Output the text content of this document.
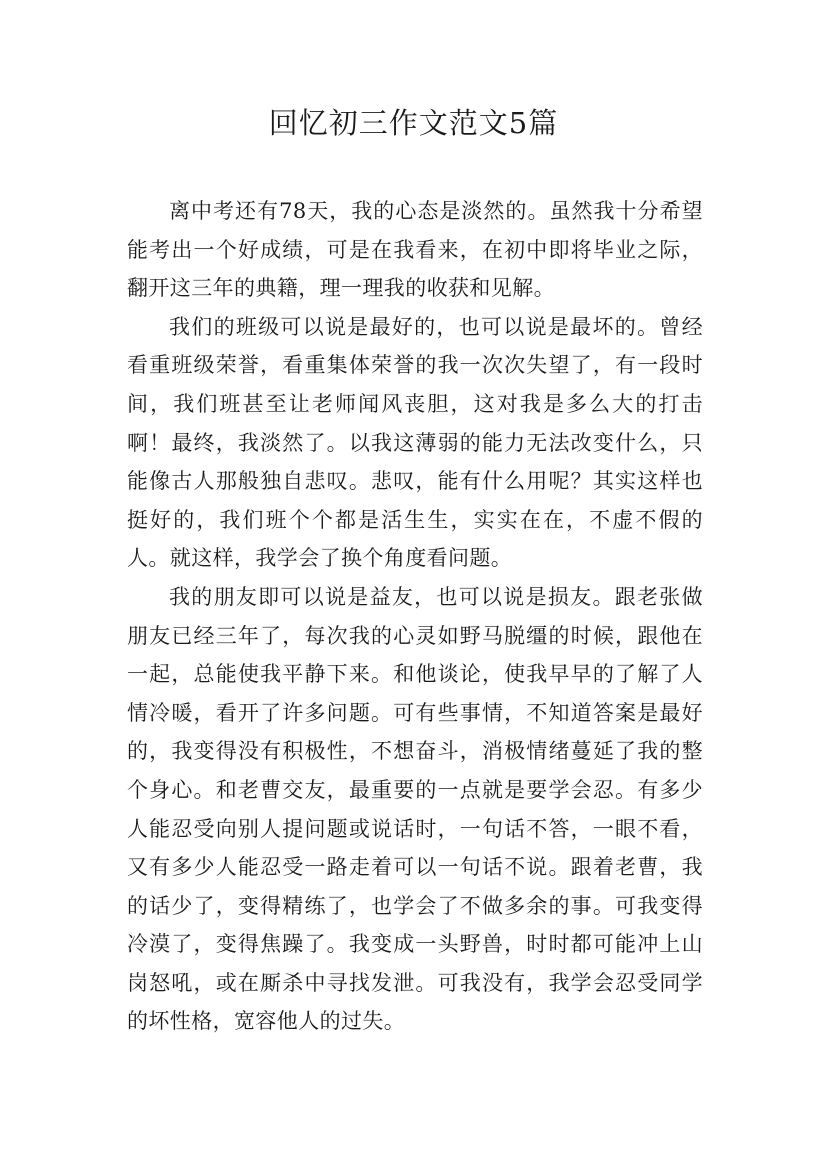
回忆初三作文范文5篇

离中考还有78天，我的心态是淡然的。虽然我十分希望能考出一个好成绩，可是在我看来，在初中即将毕业之际，翻开这三年的典籍，理一理我的收获和见解。

我们的班级可以说是最好的，也可以说是最坏的。曾经看重班级荣誉，看重集体荣誉的我一次次失望了，有一段时间，我们班甚至让老师闻风丧胆，这对我是多么大的打击啊！最终，我淡然了。以我这薄弱的能力无法改变什么，只能像古人那般独自悲叹。悲叹，能有什么用呢？其实这样也挺好的，我们班个个都是活生生，实实在在，不虚不假的人。就这样，我学会了换个角度看问题。

我的朋友即可以说是益友，也可以说是损友。跟老张做朋友已经三年了，每次我的心灵如野马脱缰的时候，跟他在一起，总能使我平静下来。和他谈论，使我早早的了解了人情冷暖，看开了许多问题。可有些事情，不知道答案是最好的，我变得没有积极性，不想奋斗，消极情绪蔓延了我的整个身心。和老曹交友，最重要的一点就是要学会忍。有多少人能忍受向别人提问题或说话时，一句话不答，一眼不看，又有多少人能忍受一路走着可以一句话不说。跟着老曹，我的话少了，变得精练了，也学会了不做多余的事。可我变得冷漠了，变得焦躁了。我变成一头野兽，时时都可能冲上山岗怒吼，或在厮杀中寻找发泄。可我没有，我学会忍受同学的坏性格，宽容他人的过失。
